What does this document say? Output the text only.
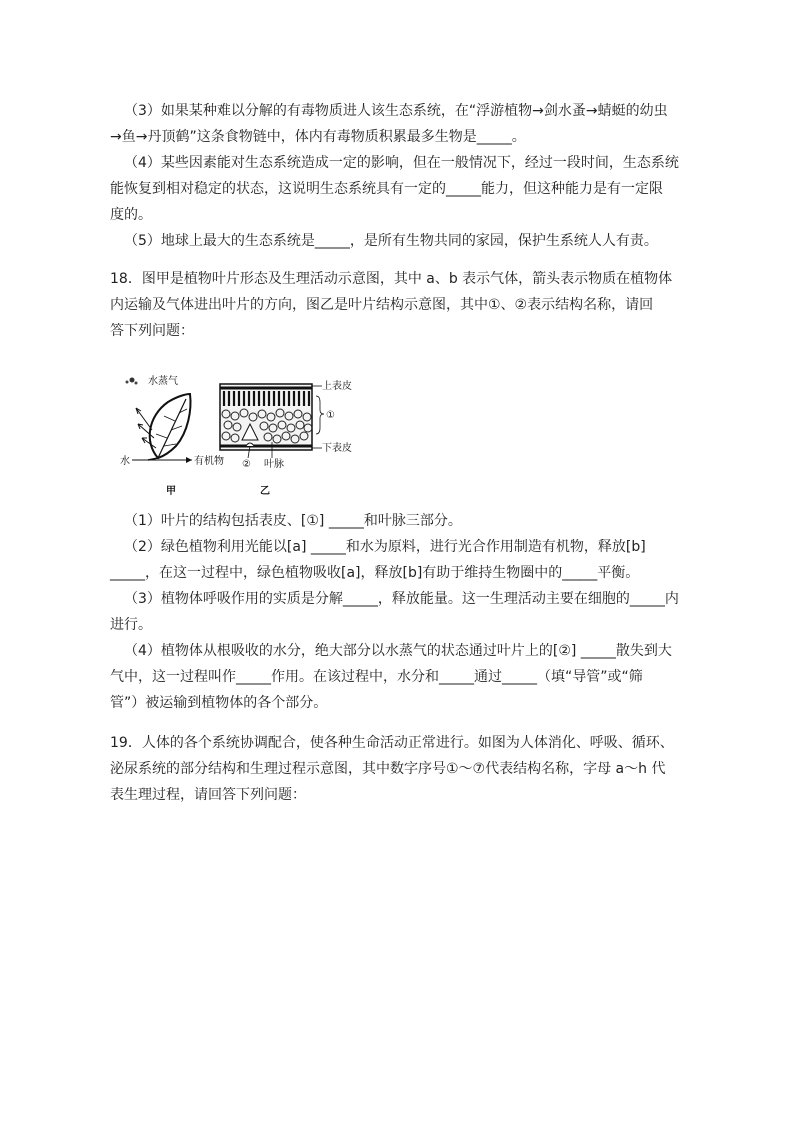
（3）如果某种难以分解的有毒物质进人该生态系统，在“浮游植物→剑水蚤→蜻蜓的幼虫
→鱼→丹顶鹤”这条食物链中，体内有毒物质积累最多生物是_____。
（4）某些因素能对生态系统造成一定的影响，但在一般情况下，经过一段时间，生态系统
能恢复到相对稳定的状态，这说明生态系统具有一定的_____能力，但这种能力是有一定限
度的。
（5）地球上最大的生态系统是_____，是所有生物共同的家园，保护生系统人人有责。
18．图甲是植物叶片形态及生理活动示意图，其中 a、b 表示气体，箭头表示物质在植物体
内运输及气体进出叶片的方向，图乙是叶片结构示意图，其中①、②表示结构名称，请回
答下列问题：
水蒸气
水	有机物
甲
上表皮
①
下表皮
② 叶脉
乙
（1）叶片的结构包括表皮、[①] _____和叶脉三部分。
（2）绿色植物利用光能以[a] _____和水为原料，进行光合作用制造有机物，释放[b]
_____，在这一过程中，绿色植物吸收[a]，释放[b]有助于维持生物圈中的_____平衡。
（3）植物体呼吸作用的实质是分解_____，释放能量。这一生理活动主要在细胞的_____内
进行。
（4）植物体从根吸收的水分，绝大部分以水蒸气的状态通过叶片上的[②] _____散失到大
气中，这一过程叫作_____作用。在该过程中，水分和_____通过_____（填“导管”或“筛
管”）被运输到植物体的各个部分。
19．人体的各个系统协调配合，使各种生命活动正常进行。如图为人体消化、呼吸、循环、
泌尿系统的部分结构和生理过程示意图，其中数字序号①～⑦代表结构名称，字母 a～h 代
表生理过程，请回答下列问题：
